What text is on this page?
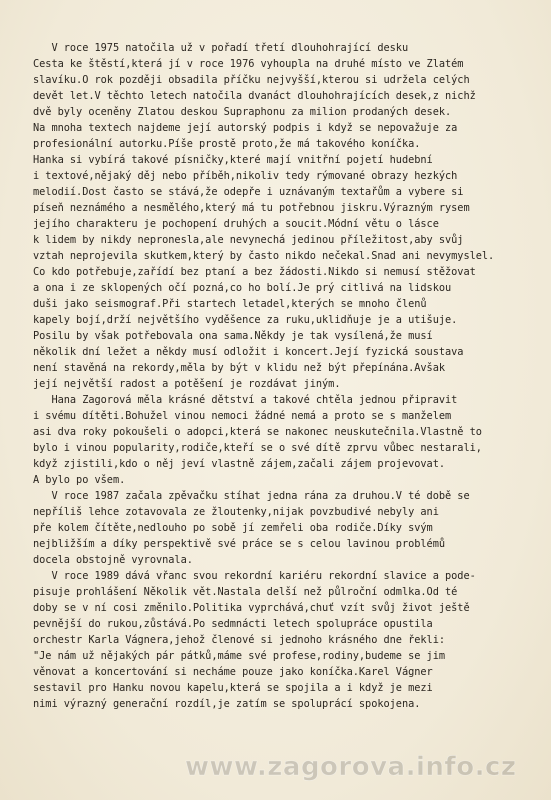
V roce 1975 natočila už v pořadí třetí dlouhohrající desku
Cesta ke štěstí,která jí v roce 1976 vyhoupla na druhé místo ve Zlatém
slavíku.O rok později obsadila příčku nejvyšší,kterou si udržela celých
devět let.V těchto letech natočila dvanáct dlouhohrajících desek,z nichž
dvě byly oceněny Zlatou deskou Supraphonu za milion prodaných desek.
Na mnoha textech najdeme její autorský podpis i když se nepovažuje za
profesionální autorku.Píše prostě proto,že má takového koníčka.
Hanka si vybírá takové písničky,které mají vnitřní pojetí hudební
i textové,nějaký děj nebo příběh,nikoliv tedy rýmované obrazy hezkých
melodií.Dost často se stává,že odepře i uznávaným textařům a vybere si
píseň neznámého a nesmělého,který má tu potřebnou jiskru.Výrazným rysem
jejího charakteru je pochopení druhých a soucit.Módní větu o lásce
k lidem by nikdy nepronesla,ale nevynechá jedinou příležitost,aby svůj
vztah neprojevila skutkem,který by často nikdo nečekal.Snad ani nevymyslel.
Co kdo potřebuje,zařídí bez ptaní a bez žádosti.Nikdo si nemusí stěžovat
a ona i ze sklopených očí pozná,co ho bolí.Je prý citlivá na lidskou
duši jako seismograf.Při startech letadel,kterých se mnoho členů
kapely bojí,drží největšího vyděšence za ruku,uklidňuje je a utišuje.
Posilu by však potřebovala ona sama.Někdy je tak vysílená,že musí
několik dní ležet a někdy musí odložit i koncert.Její fyzická soustava
není stavěná na rekordy,měla by být v klidu než být přepínána.Avšak
její největší radost a potěšení je rozdávat jiným.
Hana Zagorová měla krásné dětství a takové chtěla jednou připravit
i svému dítěti.Bohužel vinou nemoci žádné nemá a proto se s manželem
asi dva roky pokoušeli o adopci,která se nakonec neuskutečnila.Vlastně to
bylo i vinou popularity,rodiče,kteří se o své dítě zprvu vůbec nestarali,
když zjistili,kdo o něj jeví vlastně zájem,začali zájem projevovat.
A bylo po všem.
V roce 1987 začala zpěvačku stíhat jedna rána za druhou.V té době se
nepříliš lehce zotavovala ze žloutenky,nijak povzbudivé nebyly ani
pře kolem čítěte,nedlouho po sobě jí zemřeli oba rodiče.Díky svým
nejbližším a díky perspektivě své práce se s celou lavinou problémů
docela obstojně vyrovnala.
V roce 1989 dává vřanc svou rekordní kariéru rekordní slavice a pode-
pisuje prohlášení Několik vět.Nastala delší než půlroční odmlka.Od té
doby se v ní cosi změnilo.Politika vyprchává,chuť vzít svůj život ještě
pevnější do rukou,zůstává.Po sedmnácti letech spolupráce opustila
orchestr Karla Vágnera,jehož členové si jednoho krásného dne řekli:
"Je nám už nějakých pár pátků,máme své profese,rodiny,budeme se jim
věnovat a koncertování si necháme pouze jako koníčka.Karel Vágner
sestavil pro Hanku novou kapelu,která se spojila a i když je mezi
nimi výrazný generační rozdíl,je zatím se spoluprácí spokojena.
www.zagorova.info.cz
